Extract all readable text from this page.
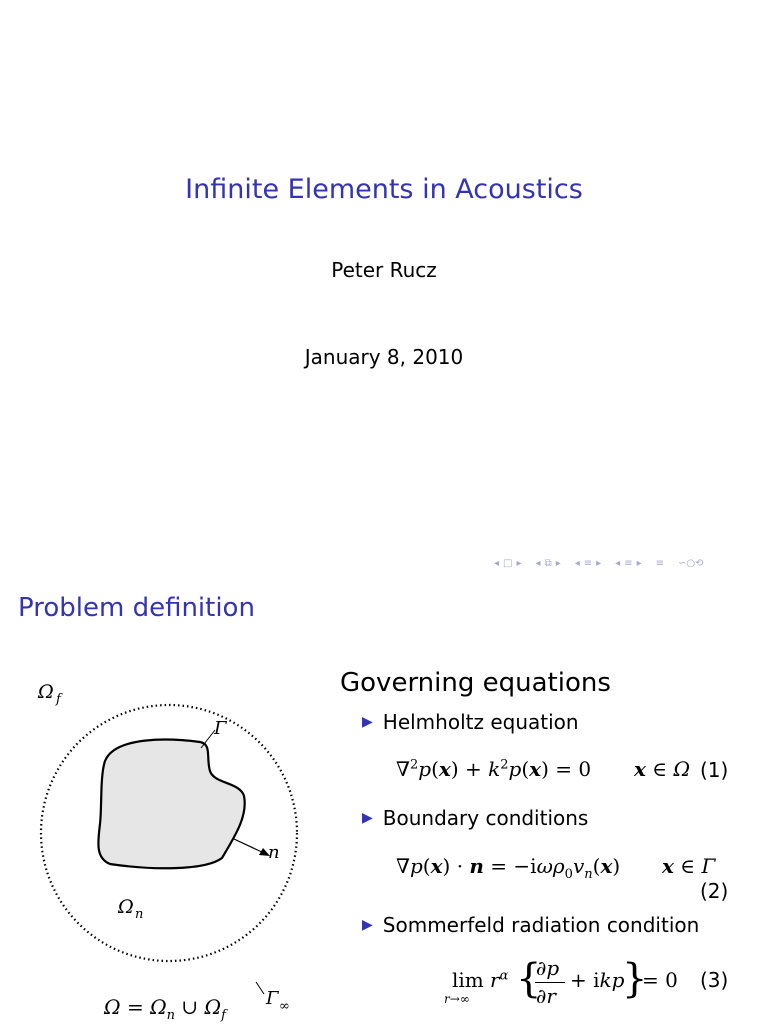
Infinite Elements in Acoustics
Peter Rucz
January 8, 2010
◂ □ ▸ ◂ ⧉ ▸ ◂ ≡ ▸ ◂ ≡ ▸ ≡ ∽○⟲
Problem definition
Ω f
Γ
n
Ω n
Γ ∞
$\Omega = \Omega_n$ ∪ $\Omega_f$
Governing equations
▶ Helmholtz equation
$\nabla^2p(x) + k^2p(x) = 0$ x ∈ Ω (1)
▶ Boundary conditions
$\nabla p(x) \cdot n = -i\omega\rho_0v_n(x)$ x ∈ Γ
(2)
▶ Sommerfeld radiation condition
lim
r→∞
$r^\alpha$ {
∂p
∂r
+ ikp
}
= 0 (3)
